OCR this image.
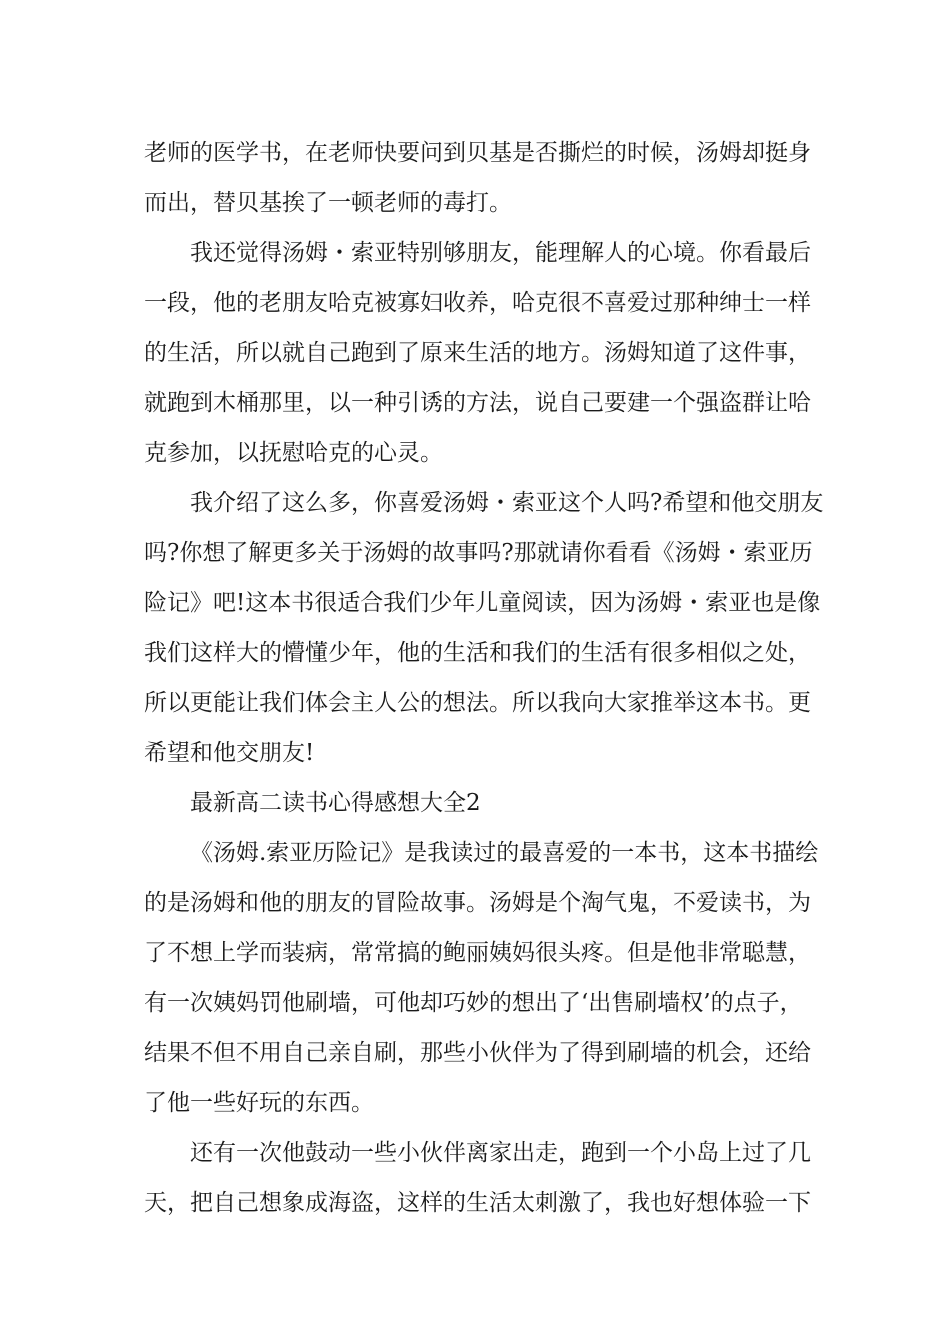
老师的医学书，在老师快要问到贝基是否撕烂的时候，汤姆却挺身
而出，替贝基挨了一顿老师的毒打。
我还觉得汤姆・索亚特别够朋友，能理解人的心境。你看最后
一段，他的老朋友哈克被寡妇收养，哈克很不喜爱过那种绅士一样
的生活，所以就自己跑到了原来生活的地方。汤姆知道了这件事，
就跑到木桶那里，以一种引诱的方法，说自己要建一个强盗群让哈
克参加，以抚慰哈克的心灵。
我介绍了这么多，你喜爱汤姆・索亚这个人吗?希望和他交朋友
吗?你想了解更多关于汤姆的故事吗?那就请你看看《汤姆・索亚历
险记》吧!这本书很适合我们少年儿童阅读，因为汤姆・索亚也是像
我们这样大的懵懂少年，他的生活和我们的生活有很多相似之处，
所以更能让我们体会主人公的想法。所以我向大家推举这本书。更
希望和他交朋友!
最新高二读书心得感想大全2
《汤姆.索亚历险记》是我读过的最喜爱的一本书，这本书描绘
的是汤姆和他的朋友的冒险故事。汤姆是个淘气鬼，不爱读书，为
了不想上学而装病，常常搞的鲍丽姨妈很头疼。但是他非常聪慧，
有一次姨妈罚他刷墙，可他却巧妙的想出了‘出售刷墙权’的点子，
结果不但不用自己亲自刷，那些小伙伴为了得到刷墙的机会，还给
了他一些好玩的东西。
还有一次他鼓动一些小伙伴离家出走，跑到一个小岛上过了几
天，把自己想象成海盗，这样的生活太刺激了，我也好想体验一下
